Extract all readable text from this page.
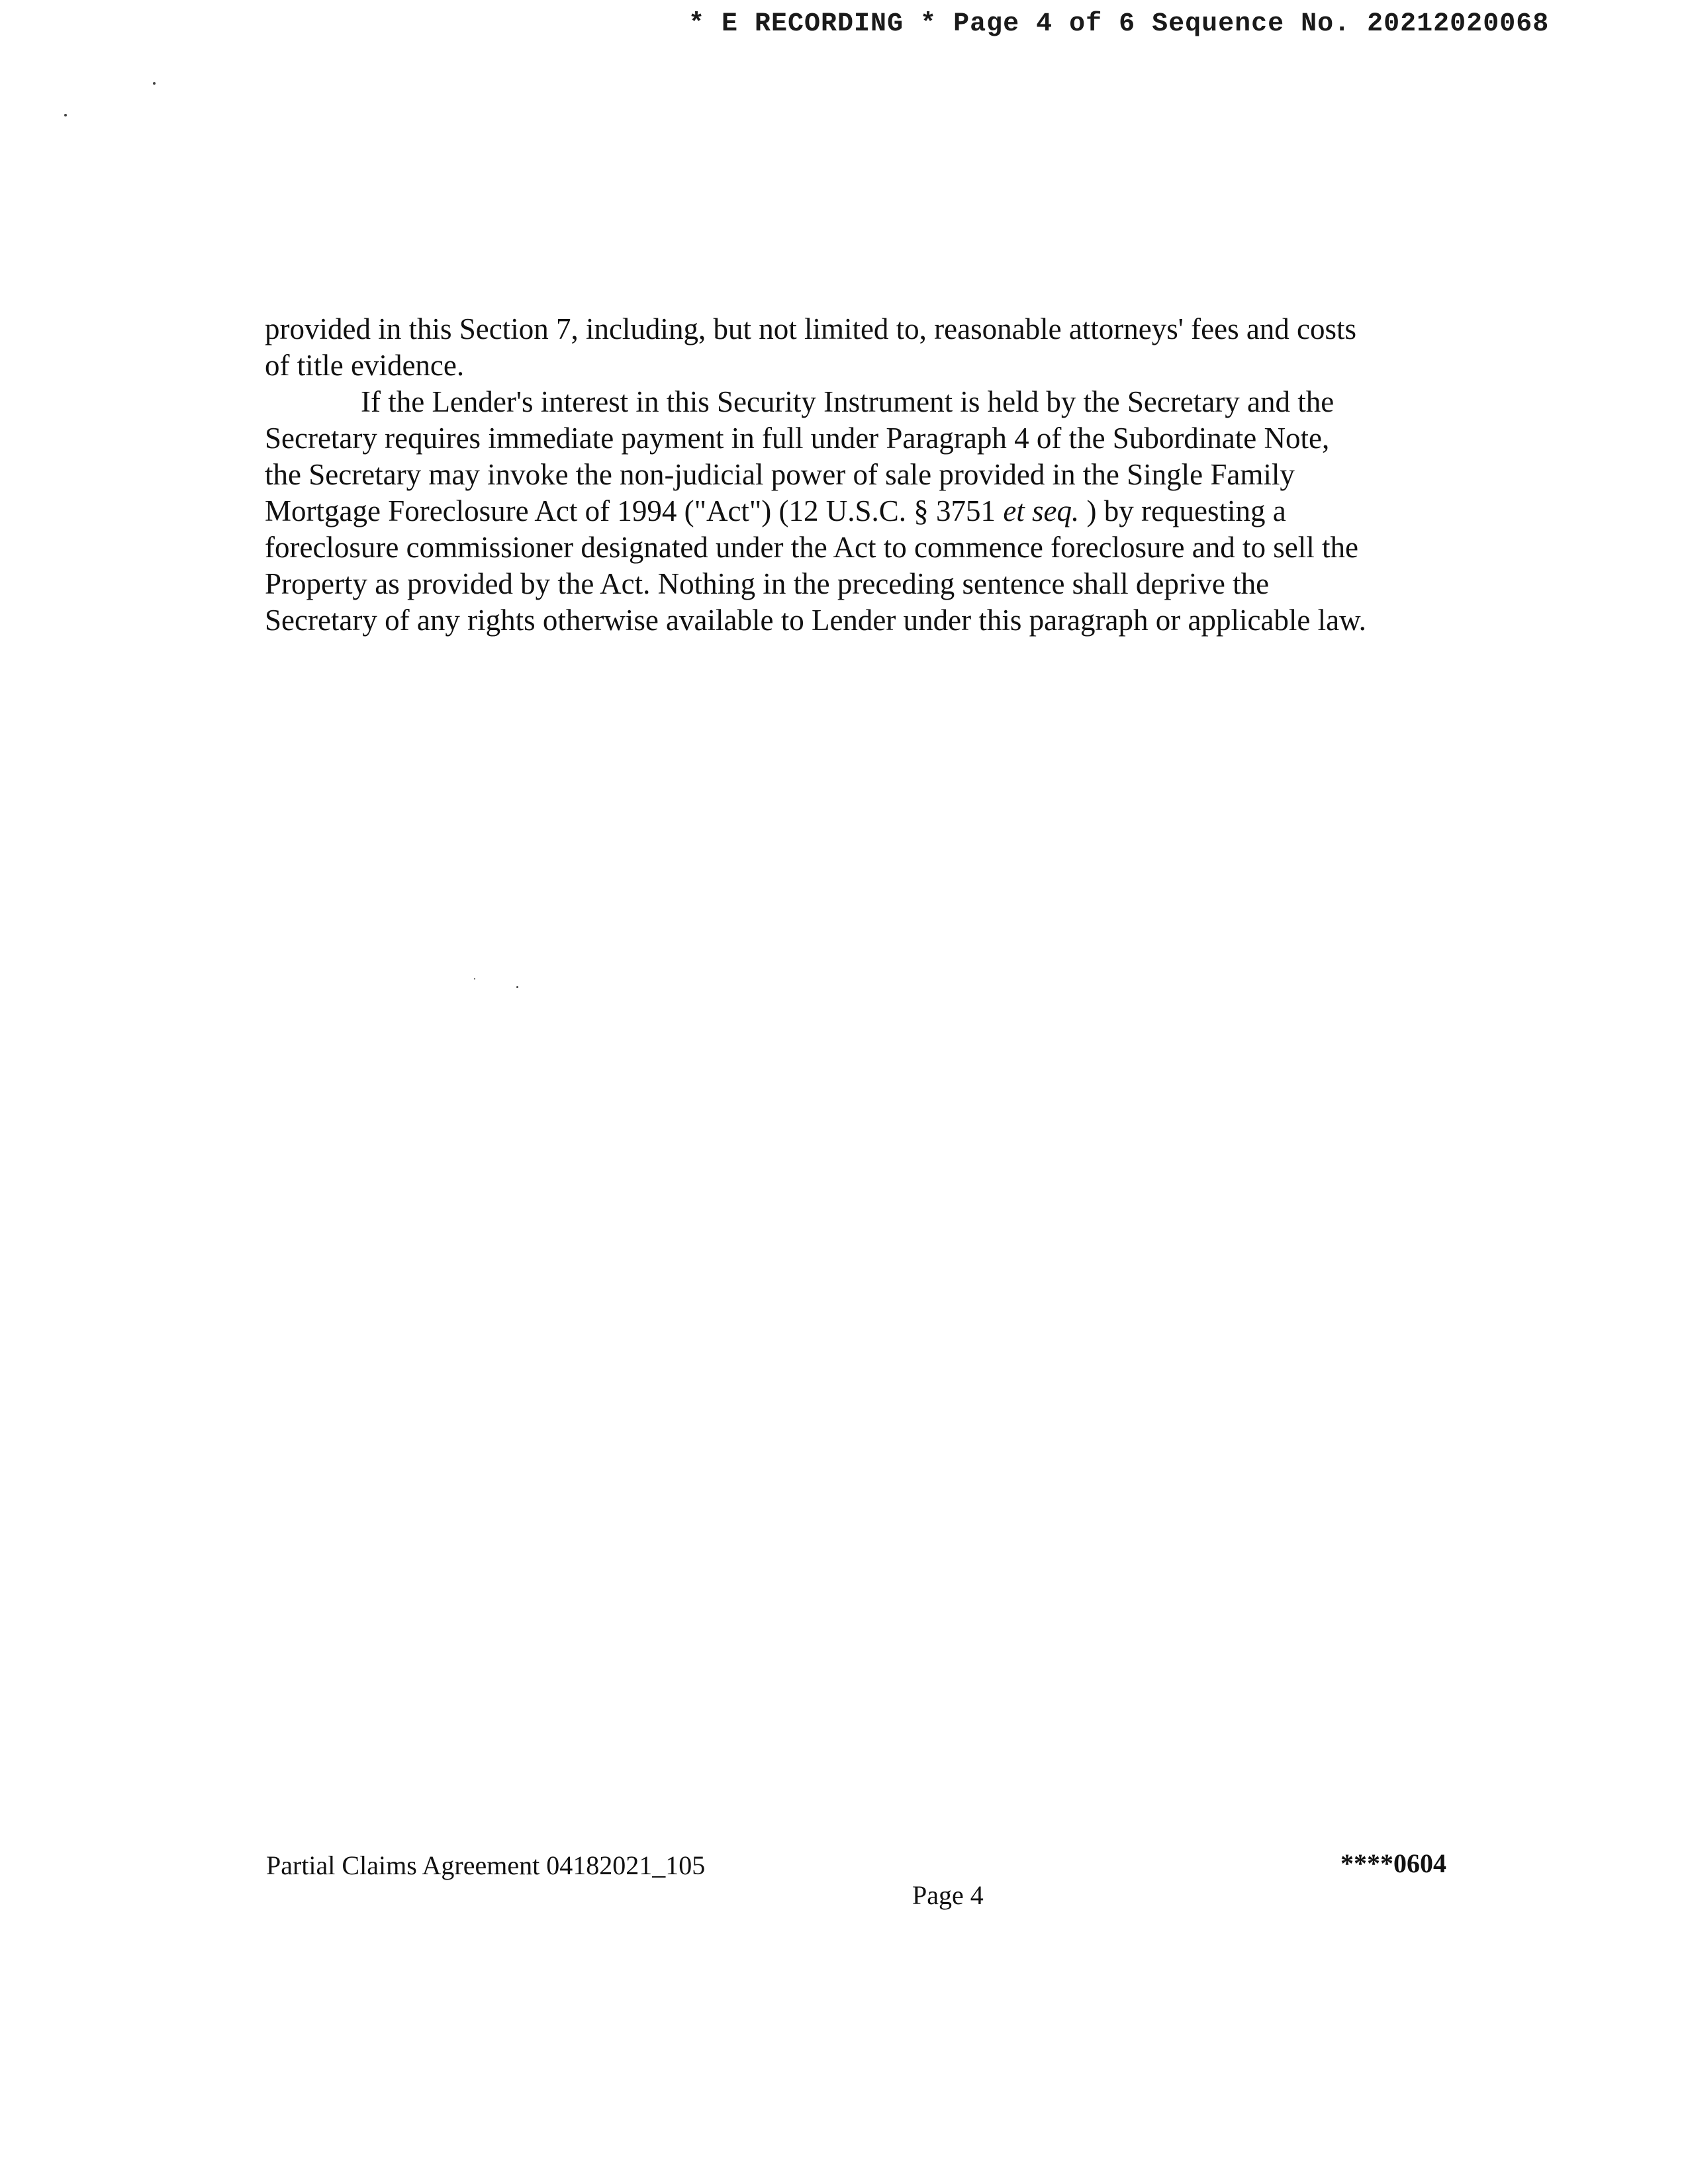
* E RECORDING * Page 4 of 6 Sequence No. 20212020068
provided in this Section 7, including, but not limited to, reasonable attorneys' fees and costs
of title evidence.
If the Lender's interest in this Security Instrument is held by the Secretary and the
Secretary requires immediate payment in full under Paragraph 4 of the Subordinate Note,
the Secretary may invoke the non-judicial power of sale provided in the Single Family
Mortgage Foreclosure Act of 1994 ("Act") (12 U.S.C. § 3751 et seq. ) by requesting a
foreclosure commissioner designated under the Act to commence foreclosure and to sell the
Property as provided by the Act. Nothing in the preceding sentence shall deprive the
Secretary of any rights otherwise available to Lender under this paragraph or applicable law.
Partial Claims Agreement 04182021_105	****0604
Page 4
